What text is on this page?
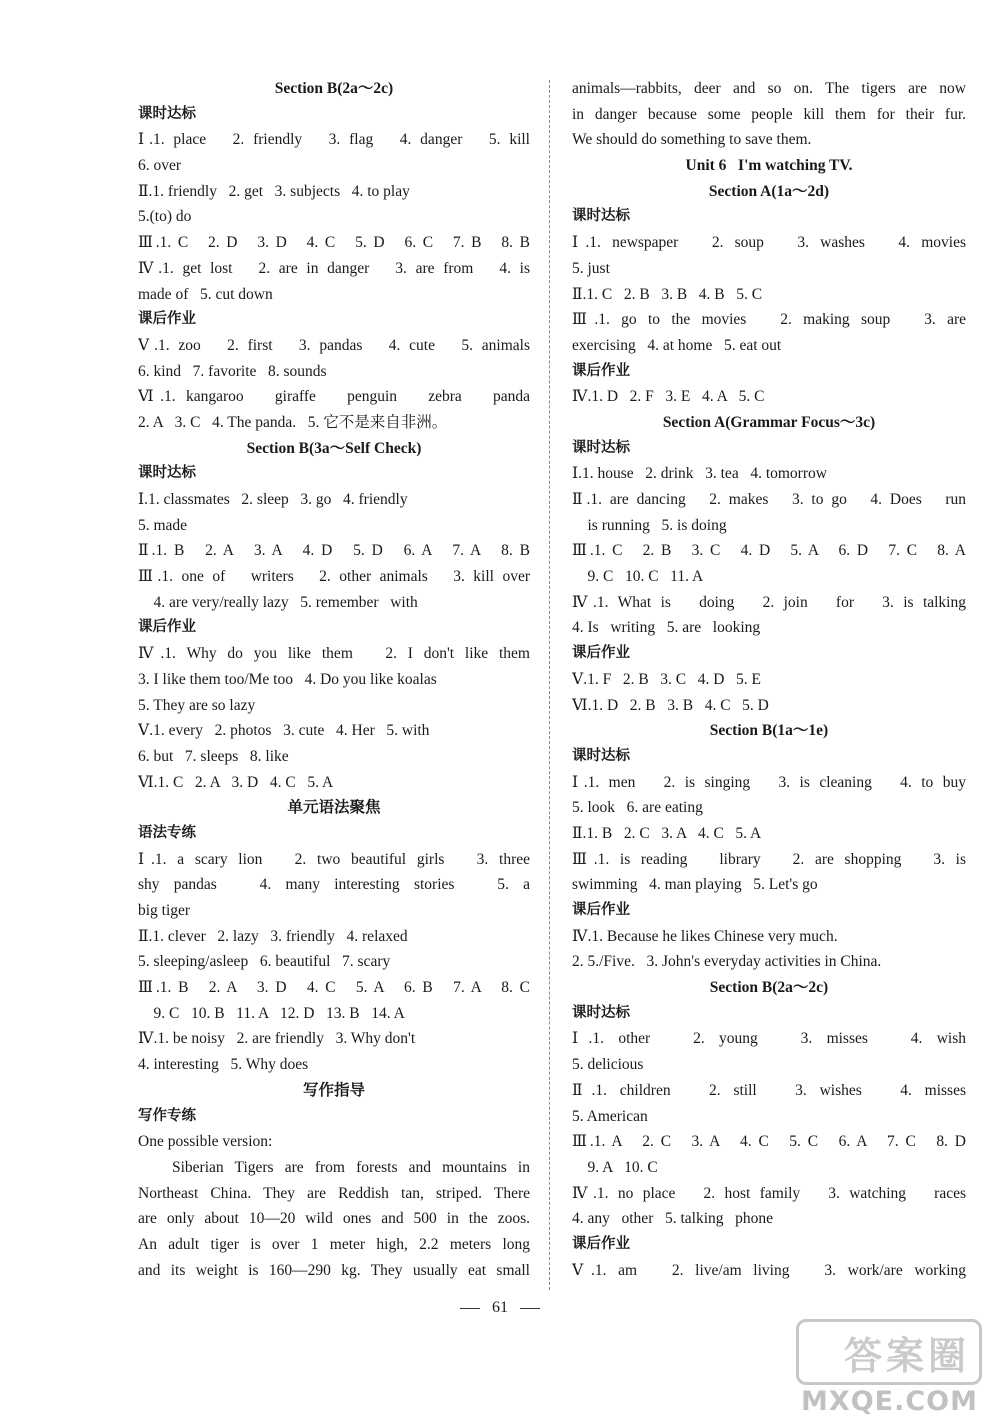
Section B(2a～2c)
课时达标
Ⅰ.1. place   2. friendly   3. flag   4. danger   5. kill
6. over
Ⅱ.1. friendly   2. get   3. subjects   4. to play
5.(to) do
Ⅲ.1. C   2. D   3. D   4. C   5. D   6. C   7. B   8. B
Ⅳ.1. get lost   2. are in danger   3. are from   4. is
made of   5. cut down
课后作业
Ⅴ.1. zoo   2. first   3. pandas   4. cute   5. animals
6. kind   7. favorite   8. sounds
Ⅵ.1. kangaroo   giraffe   penguin   zebra   panda
2. A   3. C   4. The panda.   5. 它不是来自非洲。
Section B(3a～Self Check)
课时达标
Ⅰ.1. classmates   2. sleep   3. go   4. friendly
5. made
Ⅱ.1. B   2. A   3. A   4. D   5. D   6. A   7. A   8. B
Ⅲ.1. one of   writers   2. other animals   3. kill over
4. are very/really lazy   5. remember   with
课后作业
Ⅳ.1. Why do you like them   2. I don't like them
3. I like them too/Me too   4. Do you like koalas
5. They are so lazy
Ⅴ.1. every   2. photos   3. cute   4. Her   5. with
6. but   7. sleeps   8. like
Ⅵ.1. C   2. A   3. D   4. C   5. A
单元语法聚焦
语法专练
Ⅰ.1. a scary lion   2. two beautiful girls   3. three
shy pandas   4. many interesting stories   5. a
big tiger
Ⅱ.1. clever   2. lazy   3. friendly   4. relaxed
5. sleeping/asleep   6. beautiful   7. scary
Ⅲ.1. B   2. A   3. D   4. C   5. A   6. B   7. A   8. C
9. C   10. B   11. A   12. D   13. B   14. A
Ⅳ.1. be noisy   2. are friendly   3. Why don't
4. interesting   5. Why does
写作指导
写作专练
One possible version:
Siberian Tigers are from forests and mountains in
Northeast China. They are Reddish tan, striped. There
are only about 10—20 wild ones and 500 in the zoos.
An adult tiger is over 1 meter high, 2.2 meters long
and its weight is 160—290 kg. They usually eat small
animals—rabbits, deer and so on. The tigers are now
in danger because some people kill them for their fur.
We should do something to save them.
Unit 6   I'm watching TV.
Section A(1a～2d)
课时达标
Ⅰ.1. newspaper   2. soup   3. washes   4. movies
5. just
Ⅱ.1. C   2. B   3. B   4. B   5. C
Ⅲ.1. go to the movies   2. making soup   3. are
exercising   4. at home   5. eat out
课后作业
Ⅳ.1. D   2. F   3. E   4. A   5. C
Section A(Grammar Focus～3c)
课时达标
Ⅰ.1. house   2. drink   3. tea   4. tomorrow
Ⅱ.1. are dancing   2. makes   3. to go   4. Does   run
is running   5. is doing
Ⅲ.1. C   2. B   3. C   4. D   5. A   6. D   7. C   8. A
9. C   10. C   11. A
Ⅳ.1. What is   doing   2. join   for   3. is talking
4. Is   writing   5. are   looking
课后作业
Ⅴ.1. F   2. B   3. C   4. D   5. E
Ⅵ.1. D   2. B   3. B   4. C   5. D
Section B(1a～1e)
课时达标
Ⅰ.1. men   2. is singing   3. is cleaning   4. to buy
5. look   6. are eating
Ⅱ.1. B   2. C   3. A   4. C   5. A
Ⅲ.1. is reading   library   2. are shopping   3. is
swimming   4. man playing   5. Let's go
课后作业
Ⅳ.1. Because he likes Chinese very much.
2. 5./Five.   3. John's everyday activities in China.
Section B(2a～2c)
课时达标
Ⅰ.1. other   2. young   3. misses   4. wish
5. delicious
Ⅱ.1. children   2. still   3. wishes   4. misses
5. American
Ⅲ.1. A   2. C   3. A   4. C   5. C   6. A   7. C   8. D
9. A   10. C
Ⅳ.1. no place   2. host family   3. watching   races
4. any   other   5. talking   phone
课后作业
Ⅴ.1. am   2. live/am living   3. work/are working
61
答案圈
MXQE.COM
